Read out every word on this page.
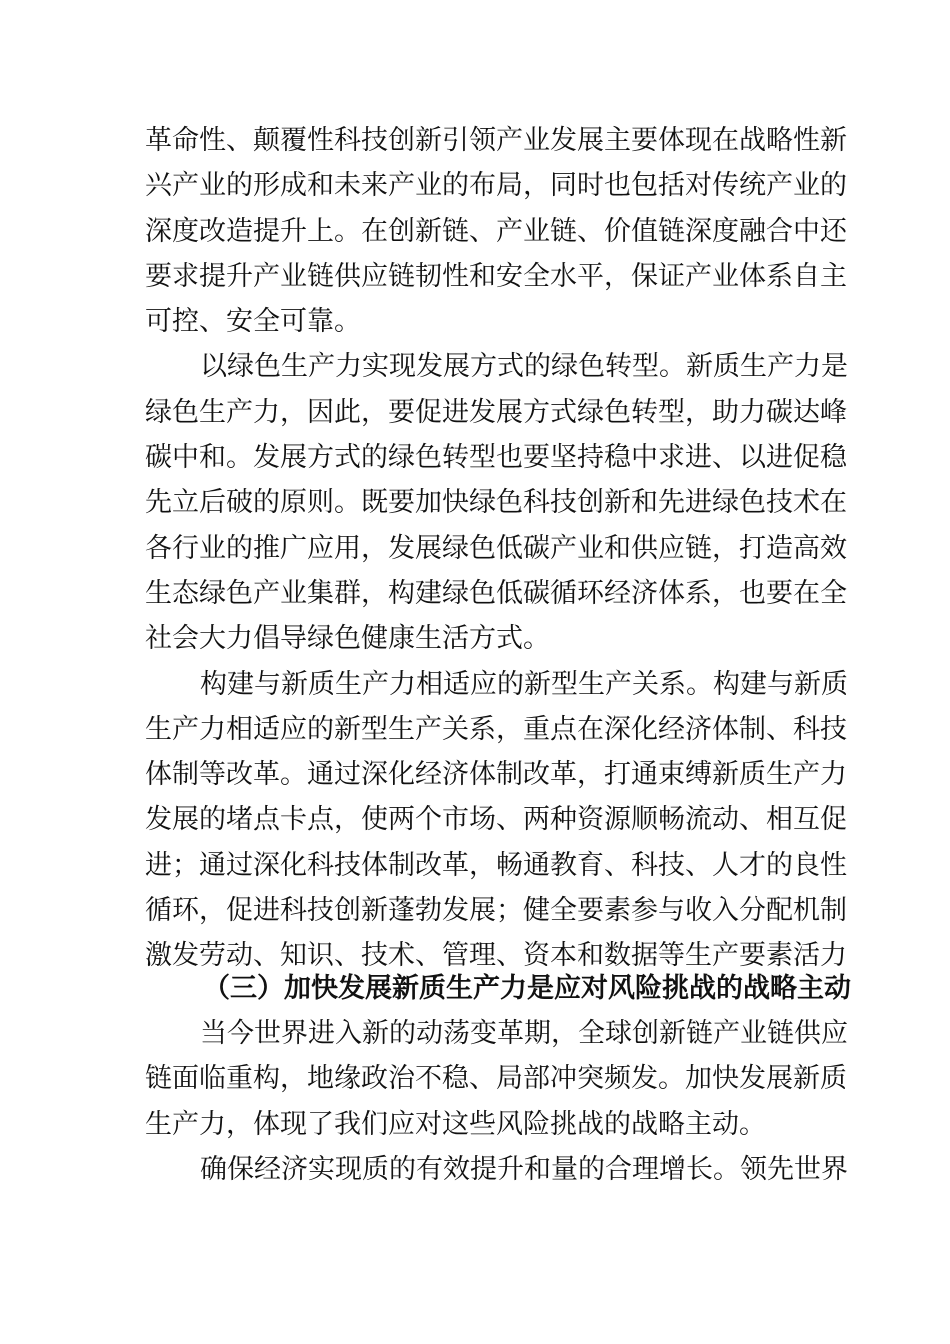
革命性、颠覆性科技创新引领产业发展主要体现在战略性新
兴产业的形成和未来产业的布局，同时也包括对传统产业的
深度改造提升上。在创新链、产业链、价值链深度融合中还
要求提升产业链供应链韧性和安全水平，保证产业体系自主
可控、安全可靠。
以绿色生产力实现发展方式的绿色转型。新质生产力是
绿色生产力，因此，要促进发展方式绿色转型，助力碳达峰
碳中和。发展方式的绿色转型也要坚持稳中求进、以进促稳
先立后破的原则。既要加快绿色科技创新和先进绿色技术在
各行业的推广应用，发展绿色低碳产业和供应链，打造高效
生态绿色产业集群，构建绿色低碳循环经济体系，也要在全
社会大力倡导绿色健康生活方式。
构建与新质生产力相适应的新型生产关系。构建与新质
生产力相适应的新型生产关系，重点在深化经济体制、科技
体制等改革。通过深化经济体制改革，打通束缚新质生产力
发展的堵点卡点，使两个市场、两种资源顺畅流动、相互促
进；通过深化科技体制改革，畅通教育、科技、人才的良性
循环，促进科技创新蓬勃发展；健全要素参与收入分配机制
激发劳动、知识、技术、管理、资本和数据等生产要素活力
（三）加快发展新质生产力是应对风险挑战的战略主动
当今世界进入新的动荡变革期，全球创新链产业链供应
链面临重构，地缘政治不稳、局部冲突频发。加快发展新质
生产力，体现了我们应对这些风险挑战的战略主动。
确保经济实现质的有效提升和量的合理增长。领先世界
